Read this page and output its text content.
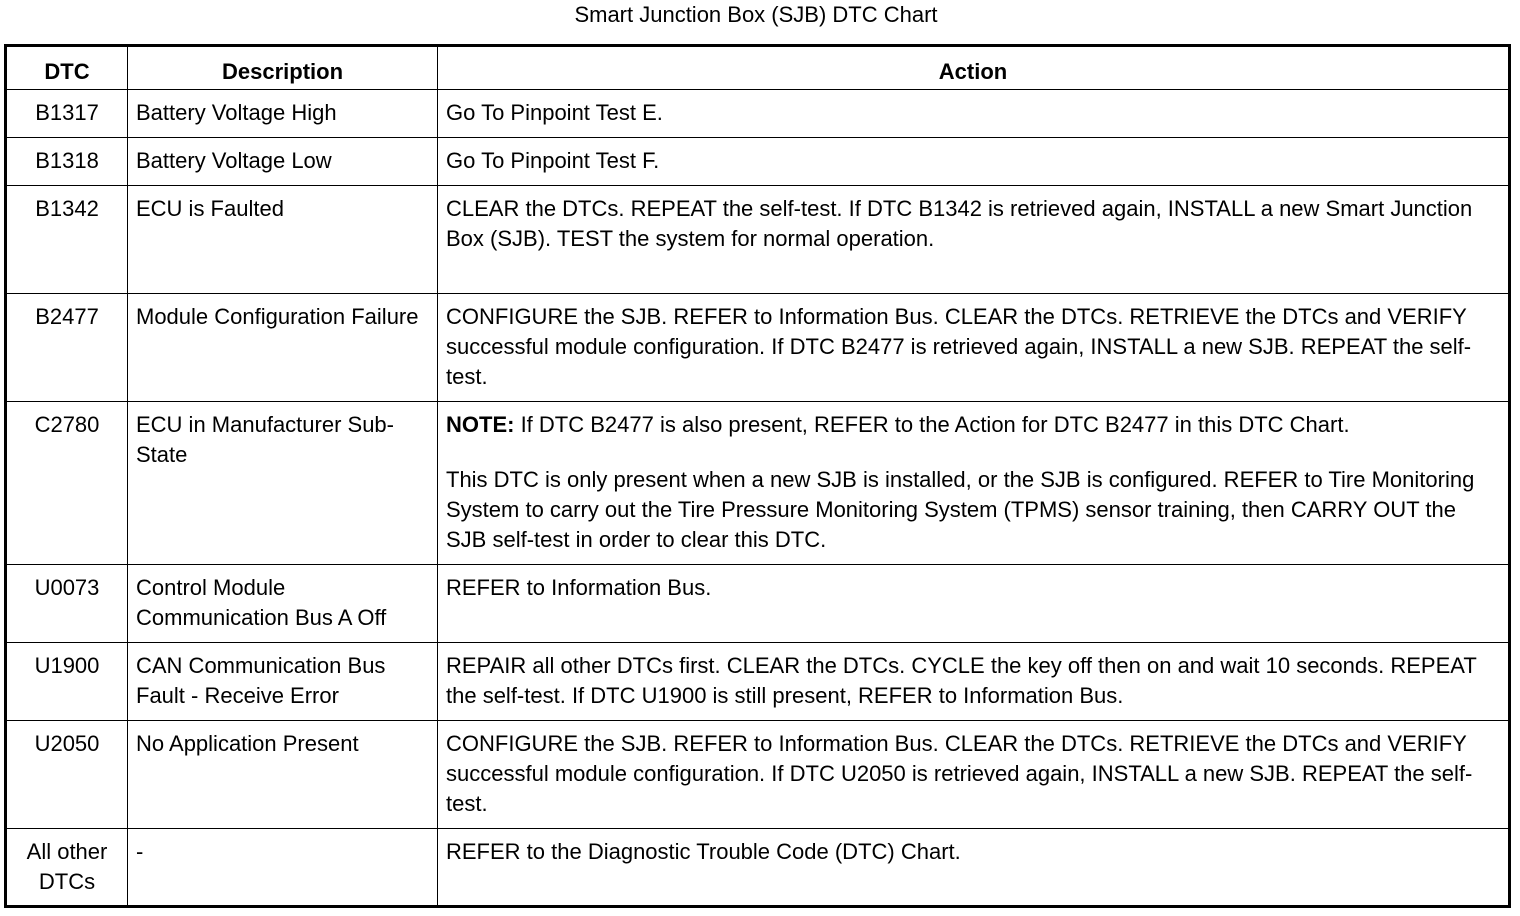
Smart Junction Box (SJB) DTC Chart
DTC	Description	Action
B1317	Battery Voltage High	Go To Pinpoint Test E.
B1318	Battery Voltage Low	Go To Pinpoint Test F.
B1342	ECU is Faulted	CLEAR the DTCs. REPEAT the self-test. If DTC B1342 is retrieved again, INSTALL a new Smart Junction Box (SJB). TEST the system for normal operation.
B2477	Module Configuration Failure	CONFIGURE the SJB. REFER to Information Bus. CLEAR the DTCs. RETRIEVE the DTCs and VERIFY successful module configuration. If DTC B2477 is retrieved again, INSTALL a new SJB. REPEAT the self-test.
C2780	ECU in Manufacturer Sub-State	NOTE: If DTC B2477 is also present, REFER to the Action for DTC B2477 in this DTC Chart.
This DTC is only present when a new SJB is installed, or the SJB is configured. REFER to Tire Monitoring System to carry out the Tire Pressure Monitoring System (TPMS) sensor training, then CARRY OUT the SJB self-test in order to clear this DTC.

U0073	Control Module Communication Bus A Off	REFER to Information Bus.
U1900	CAN Communication Bus Fault - Receive Error	REPAIR all other DTCs first. CLEAR the DTCs. CYCLE the key off then on and wait 10 seconds. REPEAT the self-test. If DTC U1900 is still present, REFER to Information Bus.
U2050	No Application Present	CONFIGURE the SJB. REFER to Information Bus. CLEAR the DTCs. RETRIEVE the DTCs and VERIFY successful module configuration. If DTC U2050 is retrieved again, INSTALL a new SJB. REPEAT the self-test.
All other DTCs	-	REFER to the Diagnostic Trouble Code (DTC) Chart.
